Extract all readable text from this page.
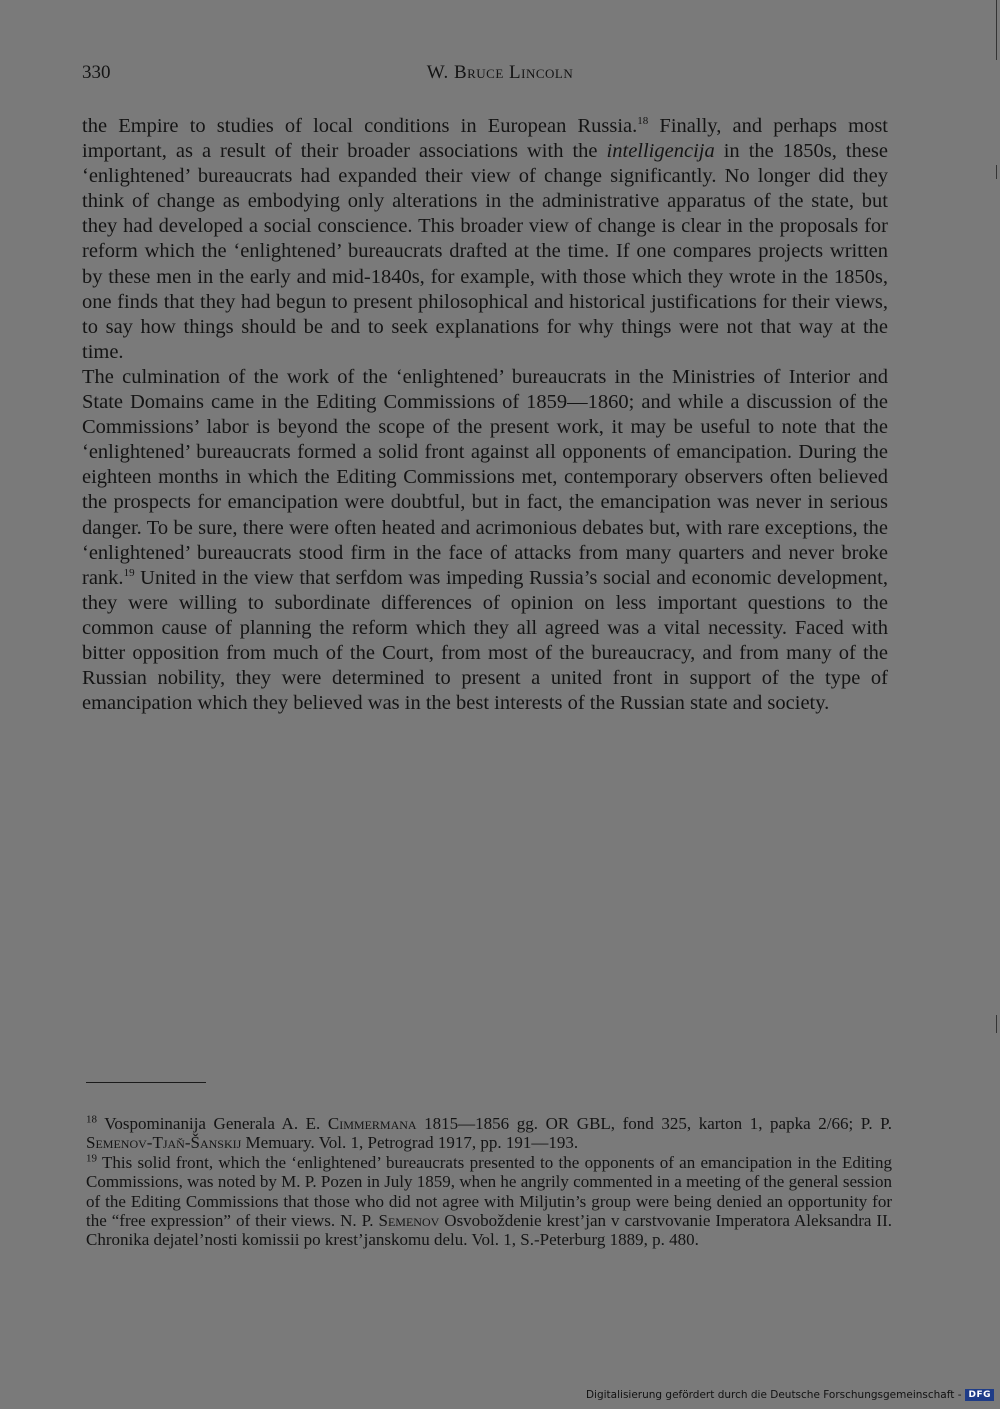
330	W. Bruce Lincoln

the Empire to studies of local conditions in European Russia.$^{18}$ Finally, and perhaps most important, as a result of their broader associations with the intelligencija in the 1850s, these ‘enlightened’ bureaucrats had expanded their view of change significantly. No longer did they think of change as embodying only alterations in the administrative apparatus of the state, but they had developed a social conscience. This broader view of change is clear in the proposals for reform which the ‘enlightened’ bureaucrats drafted at the time. If one compares projects written by these men in the early and mid-1840s, for example, with those which they wrote in the 1850s, one finds that they had begun to present philosophical and historical justifications for their views, to say how things should be and to seek explanations for why things were not that way at the time.

The culmination of the work of the ‘enlightened’ bureaucrats in the Ministries of Interior and State Domains came in the Editing Commissions of 1859—1860; and while a discussion of the Commissions’ labor is beyond the scope of the present work, it may be useful to note that the ‘enlightened’ bureaucrats formed a solid front against all opponents of emancipation. During the eighteen months in which the Editing Commissions met, contemporary observers often believed the prospects for emancipation were doubtful, but in fact, the emancipation was never in serious danger. To be sure, there were often heated and acrimonious debates but, with rare exceptions, the ‘enlightened’ bureaucrats stood firm in the face of attacks from many quarters and never broke rank.$^{19}$ United in the view that serfdom was impeding Russia’s social and economic development, they were willing to subordinate differences of opinion on less important questions to the common cause of planning the reform which they all agreed was a vital necessity. Faced with bitter opposition from much of the Court, from most of the bureaucracy, and from many of the Russian nobility, they were determined to present a united front in support of the type of emancipation which they believed was in the best interests of the Russian state and society.

$^{18}$ Vospominanija Generala A. E. Cimmermana 1815—1856 gg. OR GBL, fond 325, karton 1, papka 2/66; P. P. Semenov-Tjaň-Šanskij Memuary. Vol. 1, Petrograd 1917, pp. 191—193.

$^{19}$ This solid front, which the ‘enlightened’ bureaucrats presented to the opponents of an emancipation in the Editing Commissions, was noted by M. P. Pozen in July 1859, when he angrily commented in a meeting of the general session of the Editing Commissions that those who did not agree with Miljutin’s group were being denied an opportunity for the “free expression” of their views. N. P. Semenov Osvoboždenie krest’jan v carstvovanie Imperatora Aleksandra II. Chronika dejatel’nosti komissii po krest’janskomu delu. Vol. 1, S.-Peterburg 1889, p. 480.

Digitalisierung gefördert durch die Deutsche Forschungsgemeinschaft - DFG
